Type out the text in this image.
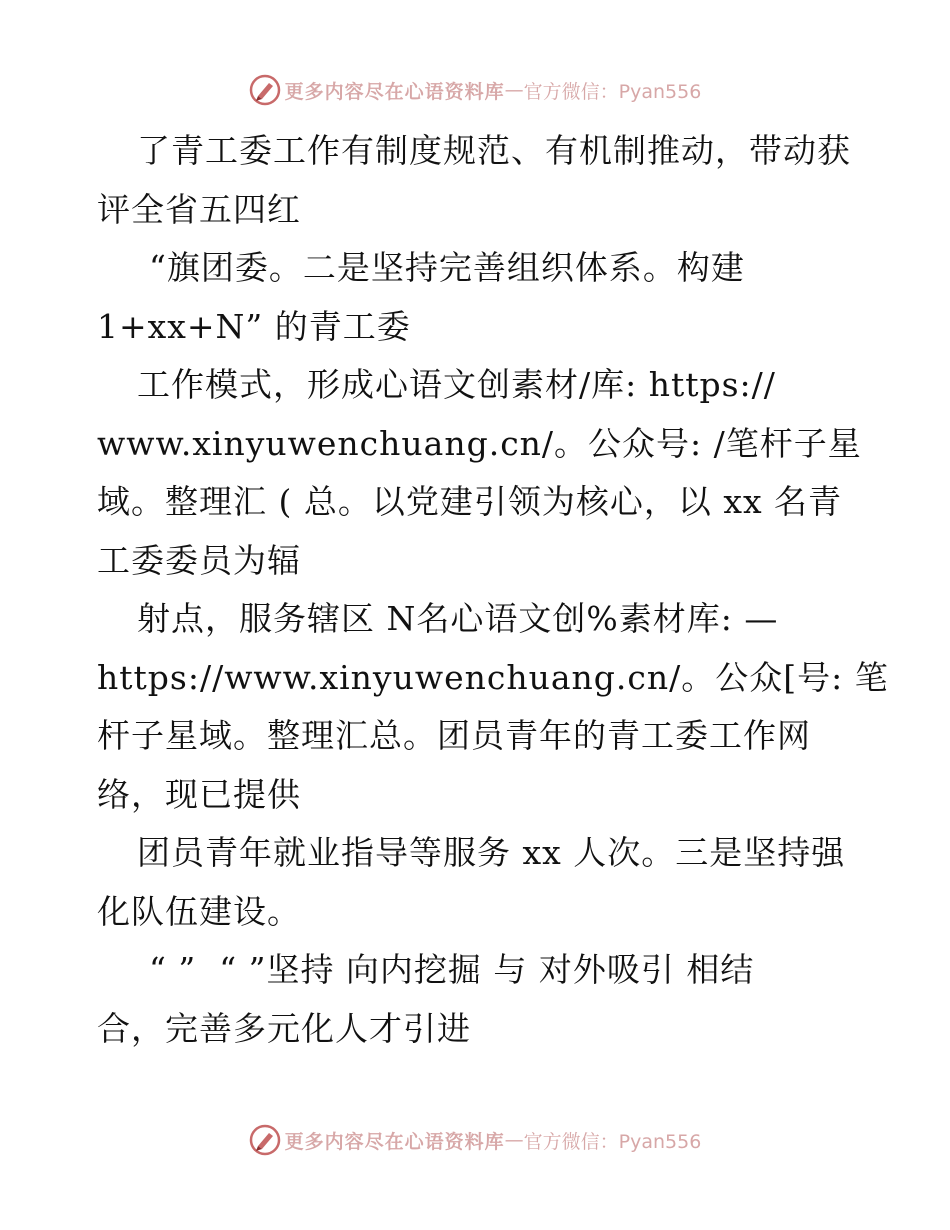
更多内容尽在心语资料库 — 官方微信：Pyan556
了青工委工作有制度规范、有机制推动，带动获
评全省五四红
“旗团委。二是坚持完善组织体系。构建
1+xx+N” 的青工委
工作模式，形成心语文创素材/库: https://
www.xinyuwenchuang.cn/。公众号: /笔杆子星
域。整理汇 ( 总。以党建引领为核心，以 xx 名青
工委委员为辐
射点，服务辖区 N名心语文创%素材库: —
https://www.xinyuwenchuang.cn/。公众[号: 笔
杆子星域。整理汇总。团员青年的青工委工作网
络，现已提供
团员青年就业指导等服务 xx 人次。三是坚持强
化队伍建设。
“ ”  “ ”坚持 向内挖掘 与 对外吸引 相结
合，完善多元化人才引进
更多内容尽在心语资料库 — 官方微信：Pyan556
